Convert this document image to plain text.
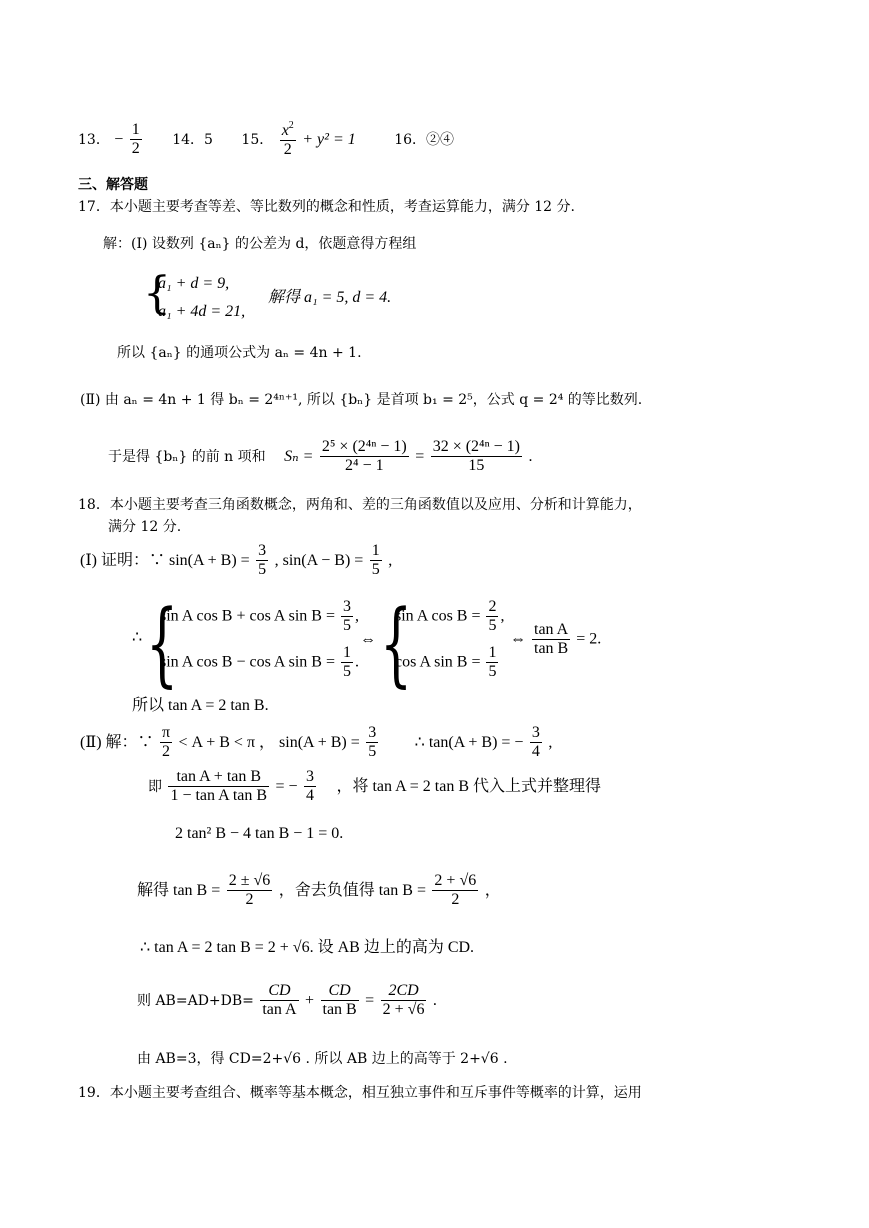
13． − $\frac{1}{2} 14$．5 15． $\frac{x^2}{2} + y^2 = 1$	16．②④
三、解答题
17．本小题主要考查等差、等比数列的概念和性质，考查运算能力，满分 12 分.
解：(Ⅰ) 设数列 {aₙ} 的公差为 d，依题意得方程组
{
a₁ + d = 9,
a₁ + 4d = 21,
解得 a₁ = 5, d = 4.
所以 {aₙ} 的通项公式为 aₙ = 4n + 1.
(Ⅱ) 由 aₙ = 4n + 1 得 bₙ = 2⁴ⁿ⁺¹, 所以 {bₙ} 是首项 b₁ = 2⁵，公式 q = 2⁴ 的等比数列.
于是得 {bₙ} 的前 n 项和 $S_n = \frac{\text{2⁵ × (2⁴ⁿ − 1)}}{\text{2⁴ − 1}} = \frac{\text{32 × (2⁴ⁿ − 1)}}{15}$ .
18．本小题主要考查三角函数概念，两角和、差的三角函数值以及应用、分析和计算能力，
满分 12 分.
(Ⅰ) 证明：∵ $\sin(A + B) = \frac{3}{5}$ , $\sin(A - B) = \frac{1}{5}$ ,
∴ {
sin A cos B + cos A $\sin B = \frac{3}{5}$ ,
sin A cos B − cos A $\sin B = \frac{1}{5}$ .
⇔ {
sin A $\cos B = \frac{2}{5}$ ,
cos A $\sin B = \frac{1}{5}$
⇔ $\frac{\text{tan A}}{\text{tan B}} = 2$.
所以 tan A = 2 tan B.
(Ⅱ) 解：∵ $\frac{\pi}{2} < A + B < \pi$ ， $\sin(A + B) = \frac{3}{5}$ ∴ tan(A + B) = − $\frac{3}{4}$ ,
即 $\frac{\text{tan A + tan B}}{\text{1 − tan A tan B}}$ = − $\frac{3}{4}$ ，将 tan A = 2 tan B 代入上式并整理得
2 tan² B − 4 tan B − 1 = 0.
解得 $\tan B = \frac{2 \pm √6}{2}$ ，舍去负值得 $\tan B = \frac{2 + √6}{2}$ ，
∴ tan A = 2 tan B = 2 + √6. 设 AB 边上的高为 CD.
则 $AB=AD+DB= \frac{CD}{\text{tan A}} + \frac{CD}{\text{tan B}} = \frac{2CD}{2 + √6}$ .
由 AB=3，得 CD=2+√6 . 所以 AB 边上的高等于 2+√6 .
19．本小题主要考查组合、概率等基本概念，相互独立事件和互斥事件等概率的计算，运用
